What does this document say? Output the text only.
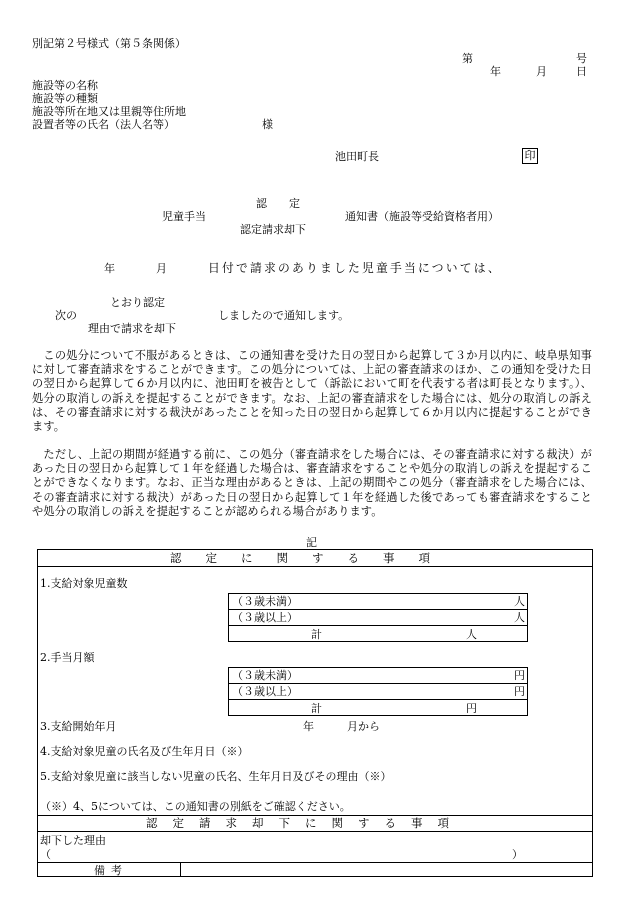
別記第２号様式（第５条関係）
第	号
年	月	日
施設等の名称
施設等の種類
施設等所在地又は里親等住所地
設置者等の氏名（法人名等）	様
池田町長	印
認　　定
児童手当	通知書（施設等受給資格者用）
認定請求却下
年	月	日付で請求のありました児童手当については、
とおり認定
次の	しましたので通知します。
理由で請求を却下
　この処分について不服があるときは、この通知書を受けた日の翌日から起算して３か月以内に、岐阜県知事に対して審査請求をすることができます。この処分については、上記の審査請求のほか、この通知を受けた日の翌日から起算して６か月以内に、池田町を被告として（訴訟において町を代表する者は町長となります。）、処分の取消しの訴えを提起することができます。なお、上記の審査請求をした場合には、処分の取消しの訴えは、その審査請求に対する裁決があったことを知った日の翌日から起算して６か月以内に提起することができます。
　ただし、上記の期間が経過する前に、この処分（審査請求をした場合には、その審査請求に対する裁決）があった日の翌日から起算して１年を経過した場合は、審査請求をすることや処分の取消しの訴えを提起することができなくなります。なお、正当な理由があるときは、上記の期間やこの処分（審査請求をした場合には、その審査請求に対する裁決）があった日の翌日から起算して１年を経過した後であっても審査請求をすることや処分の取消しの訴えを提起することが認められる場合があります。
記
認定に関する事項
1.支給対象児童数
（３歳未満）	人
（３歳以上）	人
計	人
2.手当月額
（３歳未満）	円
（３歳以上）	円
計	円
3.支給開始年月	年	月から
4.支給対象児童の氏名及び生年月日（※）
5.支給対象児童に該当しない児童の氏名、生年月日及びその理由（※）
（※）4、5については、この通知書の別紙をご確認ください。
認定請求却下に関する事項
却下した理由
（	）
備考
